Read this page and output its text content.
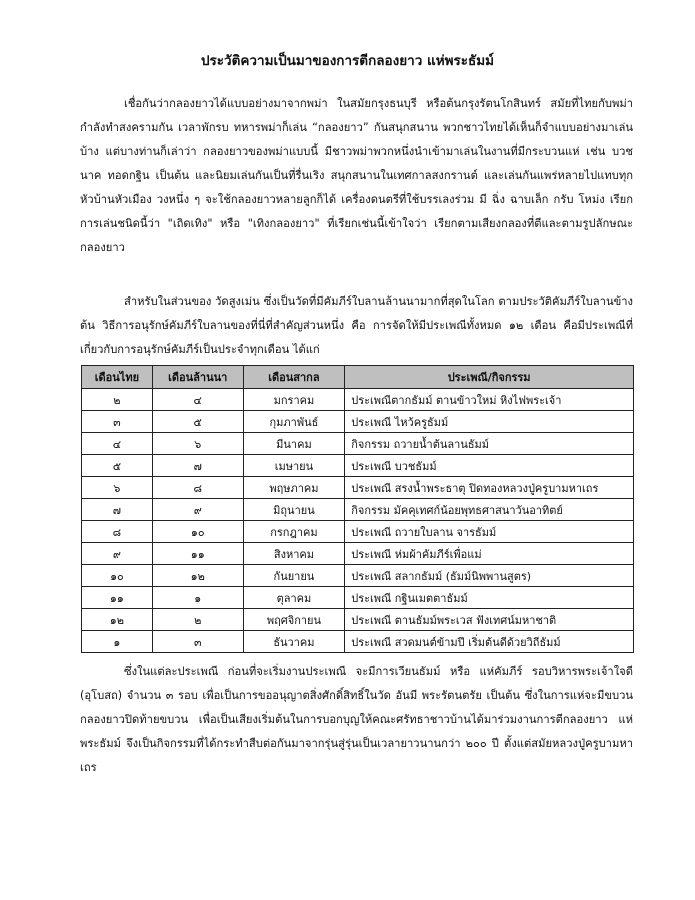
ประวัติความเป็นมาของการตีกลองยาว แห่พระธัมม์

เชื่อกันว่ากลองยาวได้แบบอย่างมาจากพม่า ในสมัยกรุงธนบุรี หรือต้นกรุงรัตนโกสินทร์ สมัยที่ไทยกับพม่ากำลังทำสงครามกัน เวลาพักรบ ทหารพม่าก็เล่น “กลองยาว” กันสนุกสนาน พวกชาวไทยได้เห็นก็จำแบบอย่างมาเล่นบ้าง แต่บางท่านก็เล่าว่า กลองยาวของพม่าแบบนี้ มีชาวพม่าพวกหนึ่งนำเข้ามาเล่นในงานที่มีกระบวนแห่ เช่น บวชนาค ทอดกฐิน เป็นต้น และนิยมเล่นกันเป็นที่รื่นเริง สนุกสนานในเทศกาลสงกรานต์ และเล่นกันแพร่หลายไปแทบทุกหัวบ้านหัวเมือง วงหนึ่ง ๆ จะใช้กลองยาวหลายลูกก็ได้ เครื่องดนตรีที่ใช้บรรเลงร่วม มี ฉิ่ง ฉาบเล็ก กรับ โหม่ง เรียกการเล่นชนิดนี้ว่า "เถิดเทิง" หรือ "เทิงกลองยาว" ที่เรียกเช่นนี้เข้าใจว่า เรียกตามเสียงกลองที่ตีและตามรูปลักษณะกลองยาว

สำหรับในส่วนของ วัดสูงเม่น ซึ่งเป็นวัดที่มีคัมภีร์ใบลานล้านนามากที่สุดในโลก ตามประวัติคัมภีร์ใบลานข้างต้น วิธีการอนุรักษ์คัมภีร์ใบลานของที่นี่ที่สำคัญส่วนหนึ่ง คือ การจัดให้มีประเพณีทั้งหมด ๑๒ เดือน คือมีประเพณีที่เกี่ยวกับการอนุรักษ์คัมภีร์เป็นประจำทุกเดือน ได้แก่

เดือนไทย	เดือนล้านนา	เดือนสากล	ประเพณี/กิจกรรม
๒	๔	มกราคม	ประเพณีตากธัมม์ ตานข้าวใหม่ หิงไฟพระเจ้า
๓	๕	กุมภาพันธ์	ประเพณี ไหว้ครูธัมม์
๔	๖	มีนาคม	กิจกรรม ถวายน้ำต้นลานธัมม์
๕	๗	เมษายน	ประเพณี บวชธัมม์
๖	๘	พฤษภาคม	ประเพณี สรงน้ำพระธาตุ ปิดทองหลวงปู่ครูบามหาเถร
๗	๙	มิถุนายน	กิจกรรม มัคคุเทศก์น้อยพุทธศาสนาวันอาทิตย์
๘	๑๐	กรกฎาคม	ประเพณี ถวายใบลาน จารธัมม์
๙	๑๑	สิงหาคม	ประเพณี ห่มผ้าคัมภีร์เพื่อแม่
๑๐	๑๒	กันยายน	ประเพณี สลากธัมม์ (ธัมม์นิพพานสูตร)
๑๑	๑	ตุลาคม	ประเพณี กฐินเมตตาธัมม์
๑๒	๒	พฤศจิกายน	ประเพณี ตานธัมม์พระเวส ฟังเทศน์มหาชาติ
๑	๓	ธันวาคม	ประเพณี สวดมนต์ข้ามปี เริ่มต้นดีด้วยวิถีธัมม์

ซึ่งในแต่ละประเพณี ก่อนที่จะเริ่มงานประเพณี จะมีการเวียนธัมม์ หรือ แห่คัมภีร์ รอบวิหารพระเจ้าใจดี (อุโบสถ) จำนวน ๓ รอบ เพื่อเป็นการขออนุญาตสิ่งศักดิ์สิทธิ์ในวัด อันมี พระรัตนตรัย เป็นต้น ซึ่งในการแห่จะมีขบวนกลองยาวปิดท้ายขบวน เพื่อเป็นเสียงเริ่มต้นในการบอกบุญให้คณะศรัทธาชาวบ้านได้มาร่วมงานการตีกลองยาว แห่พระธัมม์ จึงเป็นกิจกรรมที่ได้กระทำสืบต่อกันมาจากรุ่นสู่รุ่นเป็นเวลายาวนานกว่า ๒๐๐ ปี ตั้งแต่สมัยหลวงปู่ครูบามหาเถร
